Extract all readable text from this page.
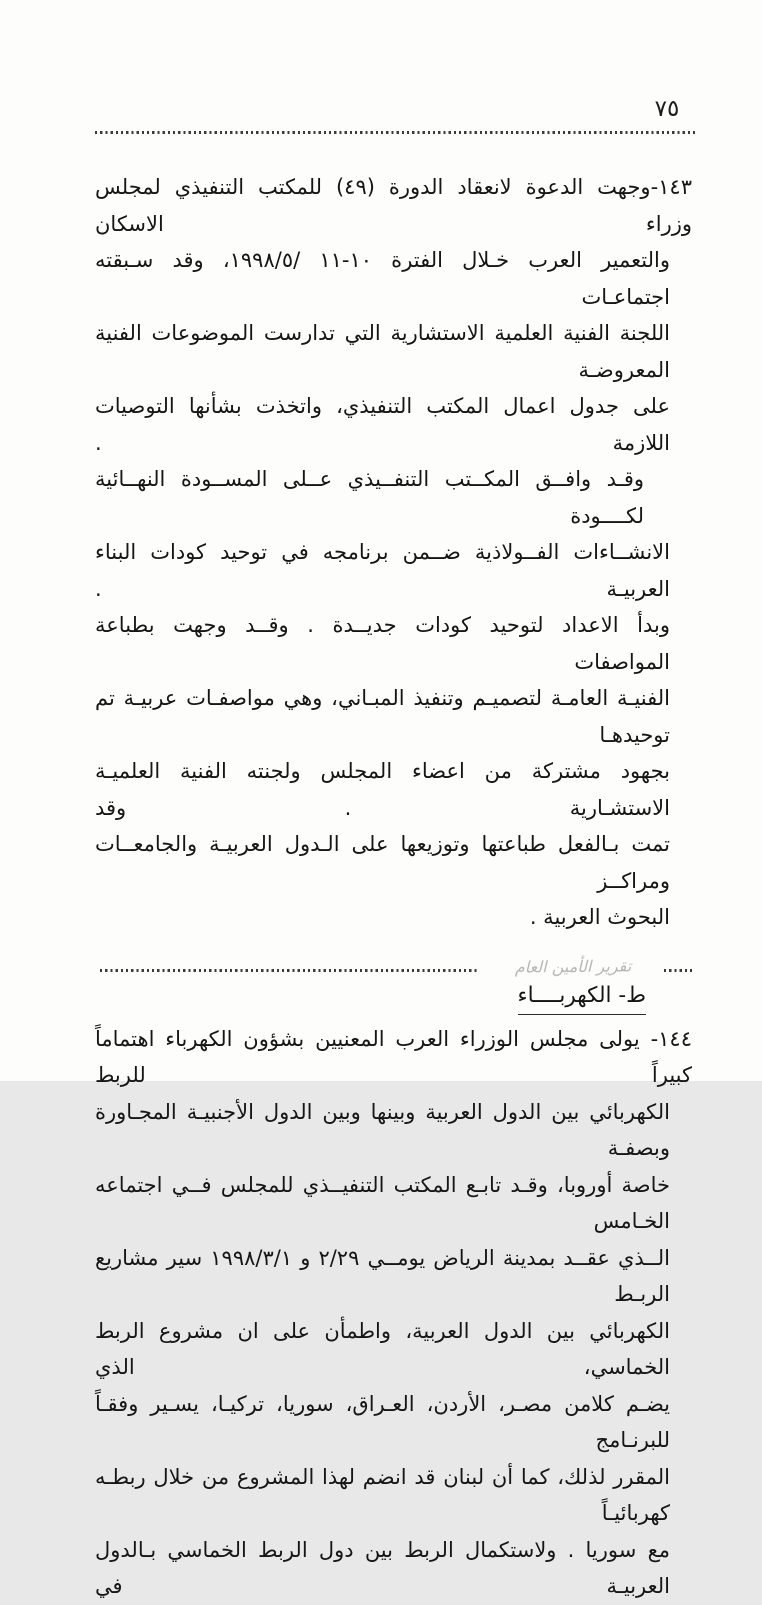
٧٥
١٤٣-وجهت الدعوة لانعقاد الدورة (٤٩) للمكتب التنفيذي لمجلس وزراء الاسكان
والتعمير العرب خـلال الفترة ١٠-١١ /٥‏/١٩٩٨، وقد سـبقته اجتماعـات
اللجنة الفنية العلمية الاستشارية التي تدارست الموضوعات الفنية المعروضـة
على جدول اعمال المكتب التنفيذي، واتخذت بشأنها التوصيات اللازمة .
وقـد وافــق المكــتب التنفــيذي عــلى المســودة النهــائية لكــــودة
الانشــاءات الفــولاذية ضــمن برنامجه في توحيد كودات البناء العربيـة .
وبدأ الاعداد لتوحيد كودات جديــدة . وقــد وجهت بطباعة المواصفات
الفنيـة العامـة لتصميـم وتنفيذ المبـاني، وهي مواصفـات عربيـة تم توحيدهـا
بجهود مشتركة من اعضاء المجلس ولجنته الفنية العلميـة الاستشـارية . وقد
تمت بـالفعل طباعتها وتوزيعها على الـدول العربيـة والجامعــات ومراكــز
البحوث العربية .
ط- الكهربــــاء
١٤٤- يولى مجلس الوزراء العرب المعنيين بشؤون الكهرباء اهتماماً كبيراً للربط
الكهربائي بين الدول العربية وبينها وبين الدول الأجنبيـة المجـاورة وبصفـة
خاصة أوروبا، وقـد تابـع المكتب التنفيــذي للمجلس فــي اجتماعه الخـامس
الــذي عقــد بمدينة الرياض يومــي ٢/٢٩ و ١٩٩٨/٣/١ سير مشاريع الربـط
الكهربائي بين الدول العربية، واطمأن على ان مشروع الربط الخماسي، الذي
يضـم كلامن مصـر، الأردن، العـراق، سوريا، تركيـا، يسـير وفقـاً للبرنـامج
المقرر لذلك، كما أن لبنان قد انضم لهذا المشروع من خلال ربطـه كهربائيـاً
مع سوريا . ولاستكمال الربط بين دول الربط الخماسي بـالدول العربيـة في
تقرير الأمين العام
